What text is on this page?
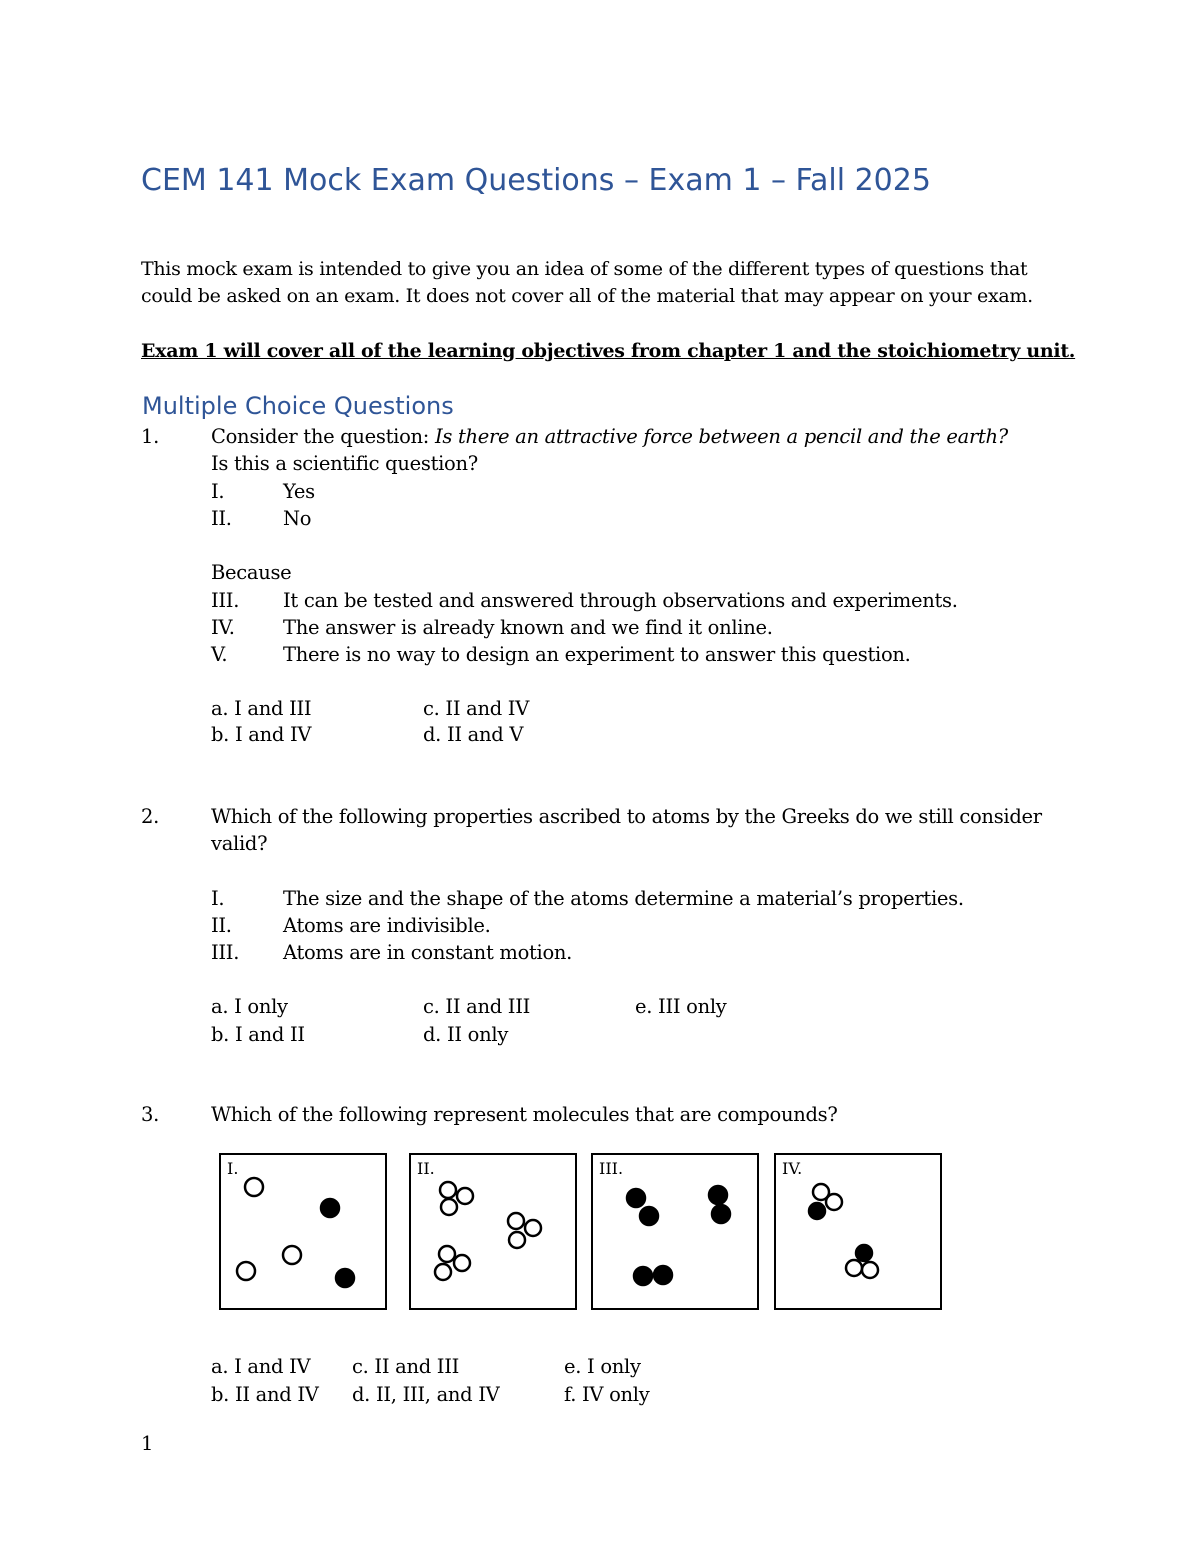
CEM 141 Mock Exam Questions – Exam 1 – Fall 2025
This mock exam is intended to give you an idea of some of the different types of questions that
could be asked on an exam. It does not cover all of the material that may appear on your exam.
Exam 1 will cover all of the learning objectives from chapter 1 and the stoichiometry unit.
Multiple Choice Questions
1.	Consider the question: Is there an attractive force between a pencil and the earth?
Is this a scientific question?
I.	Yes
II.	No
Because
III. It can be tested and answered through observations and experiments.
IV. The answer is already known and we find it online.
V.	There is no way to design an experiment to answer this question.
a. I and III
b. I and IV
c. II and IV
d. II and V
2.	Which of the following properties ascribed to atoms by the Greeks do we still consider
valid?
I.	The size and the shape of the atoms determine a material’s properties.
II.	Atoms are indivisible.
III. Atoms are in constant motion.
a. I only
b. I and II
c. II and III
d. II only
e. III only
3.	Which of the following represent molecules that are compounds?
I.	II.	III.	IV.
a. I and IV
b. II and IV
c. II and III
d. II, III, and IV
e. I only
f. IV only
1
